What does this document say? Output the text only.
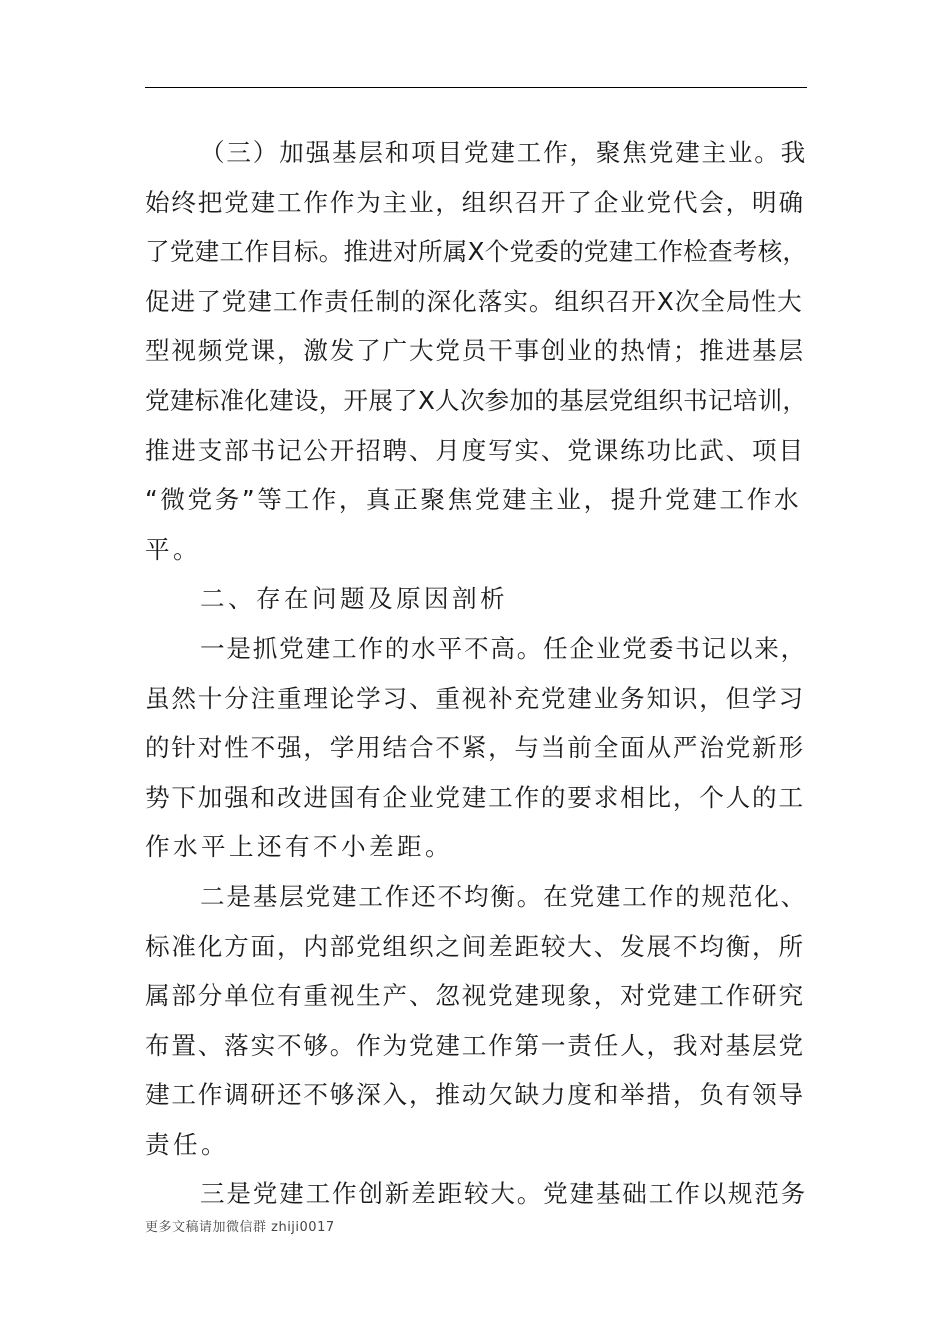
（三）加强基层和项目党建工作，聚焦党建主业。我
始终把党建工作作为主业，组织召开了企业党代会，明确
了党建工作目标。推进对所属X个党委的党建工作检查考核，
促进了党建工作责任制的深化落实。组织召开X次全局性大
型视频党课，激发了广大党员干事创业的热情；推进基层
党建标准化建设，开展了X人次参加的基层党组织书记培训，
推进支部书记公开招聘、月度写实、党课练功比武、项目
“微党务”等工作，真正聚焦党建主业，提升党建工作水
平。
二、存在问题及原因剖析
一是抓党建工作的水平不高。任企业党委书记以来，
虽然十分注重理论学习、重视补充党建业务知识，但学习
的针对性不强，学用结合不紧，与当前全面从严治党新形
势下加强和改进国有企业党建工作的要求相比，个人的工
作水平上还有不小差距。
二是基层党建工作还不均衡。在党建工作的规范化、
标准化方面，内部党组织之间差距较大、发展不均衡，所
属部分单位有重视生产、忽视党建现象，对党建工作研究
布置、落实不够。作为党建工作第一责任人，我对基层党
建工作调研还不够深入，推动欠缺力度和举措，负有领导
责任。
三是党建工作创新差距较大。党建基础工作以规范务
更多文稿请加微信群 zhiji0017
